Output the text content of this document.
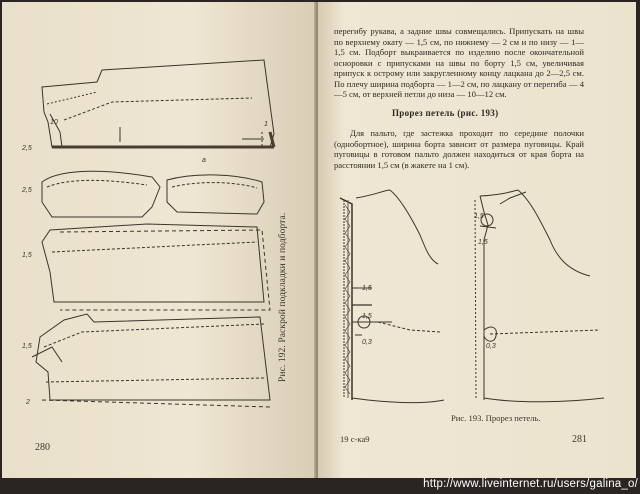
10
2,5
2,5
1
1,5
1,5
2
а
Рис. 192. Раскрой подкладки и подборта.
280
перегибу рукава, а задние швы совмещались. Припускать на швы по верхнему окату — 1,5 см, по нижнему — 2 см и по низу — 1—1,5 см. Подборт выкраивается по изделию после окончательной осноровки с припусками на швы по борту 1,5 см, увеличивая припуск к острому или закругленному концу лацкана до 2—2,5 см. По плечу ширина подборта — 1—2 см, по лацкану от перегиба — 4—5 см, от верхней петли до низа — 10—12 см.
Прорез петель (рис. 193)
Для пальто, где застежка проходит по середине полочки (однобортное), ширина борта зависит от размера пуговицы. Край пуговицы в готовом пальто должен находиться от края борта на расстоянии 1,5 см (в жакете на 1 см).
1,5
1,5
0,3
1,5
1,5
0,3
Рис. 193. Прорез петель.
19 с-ка9	281
http://www.liveinternet.ru/users/galina_o/
